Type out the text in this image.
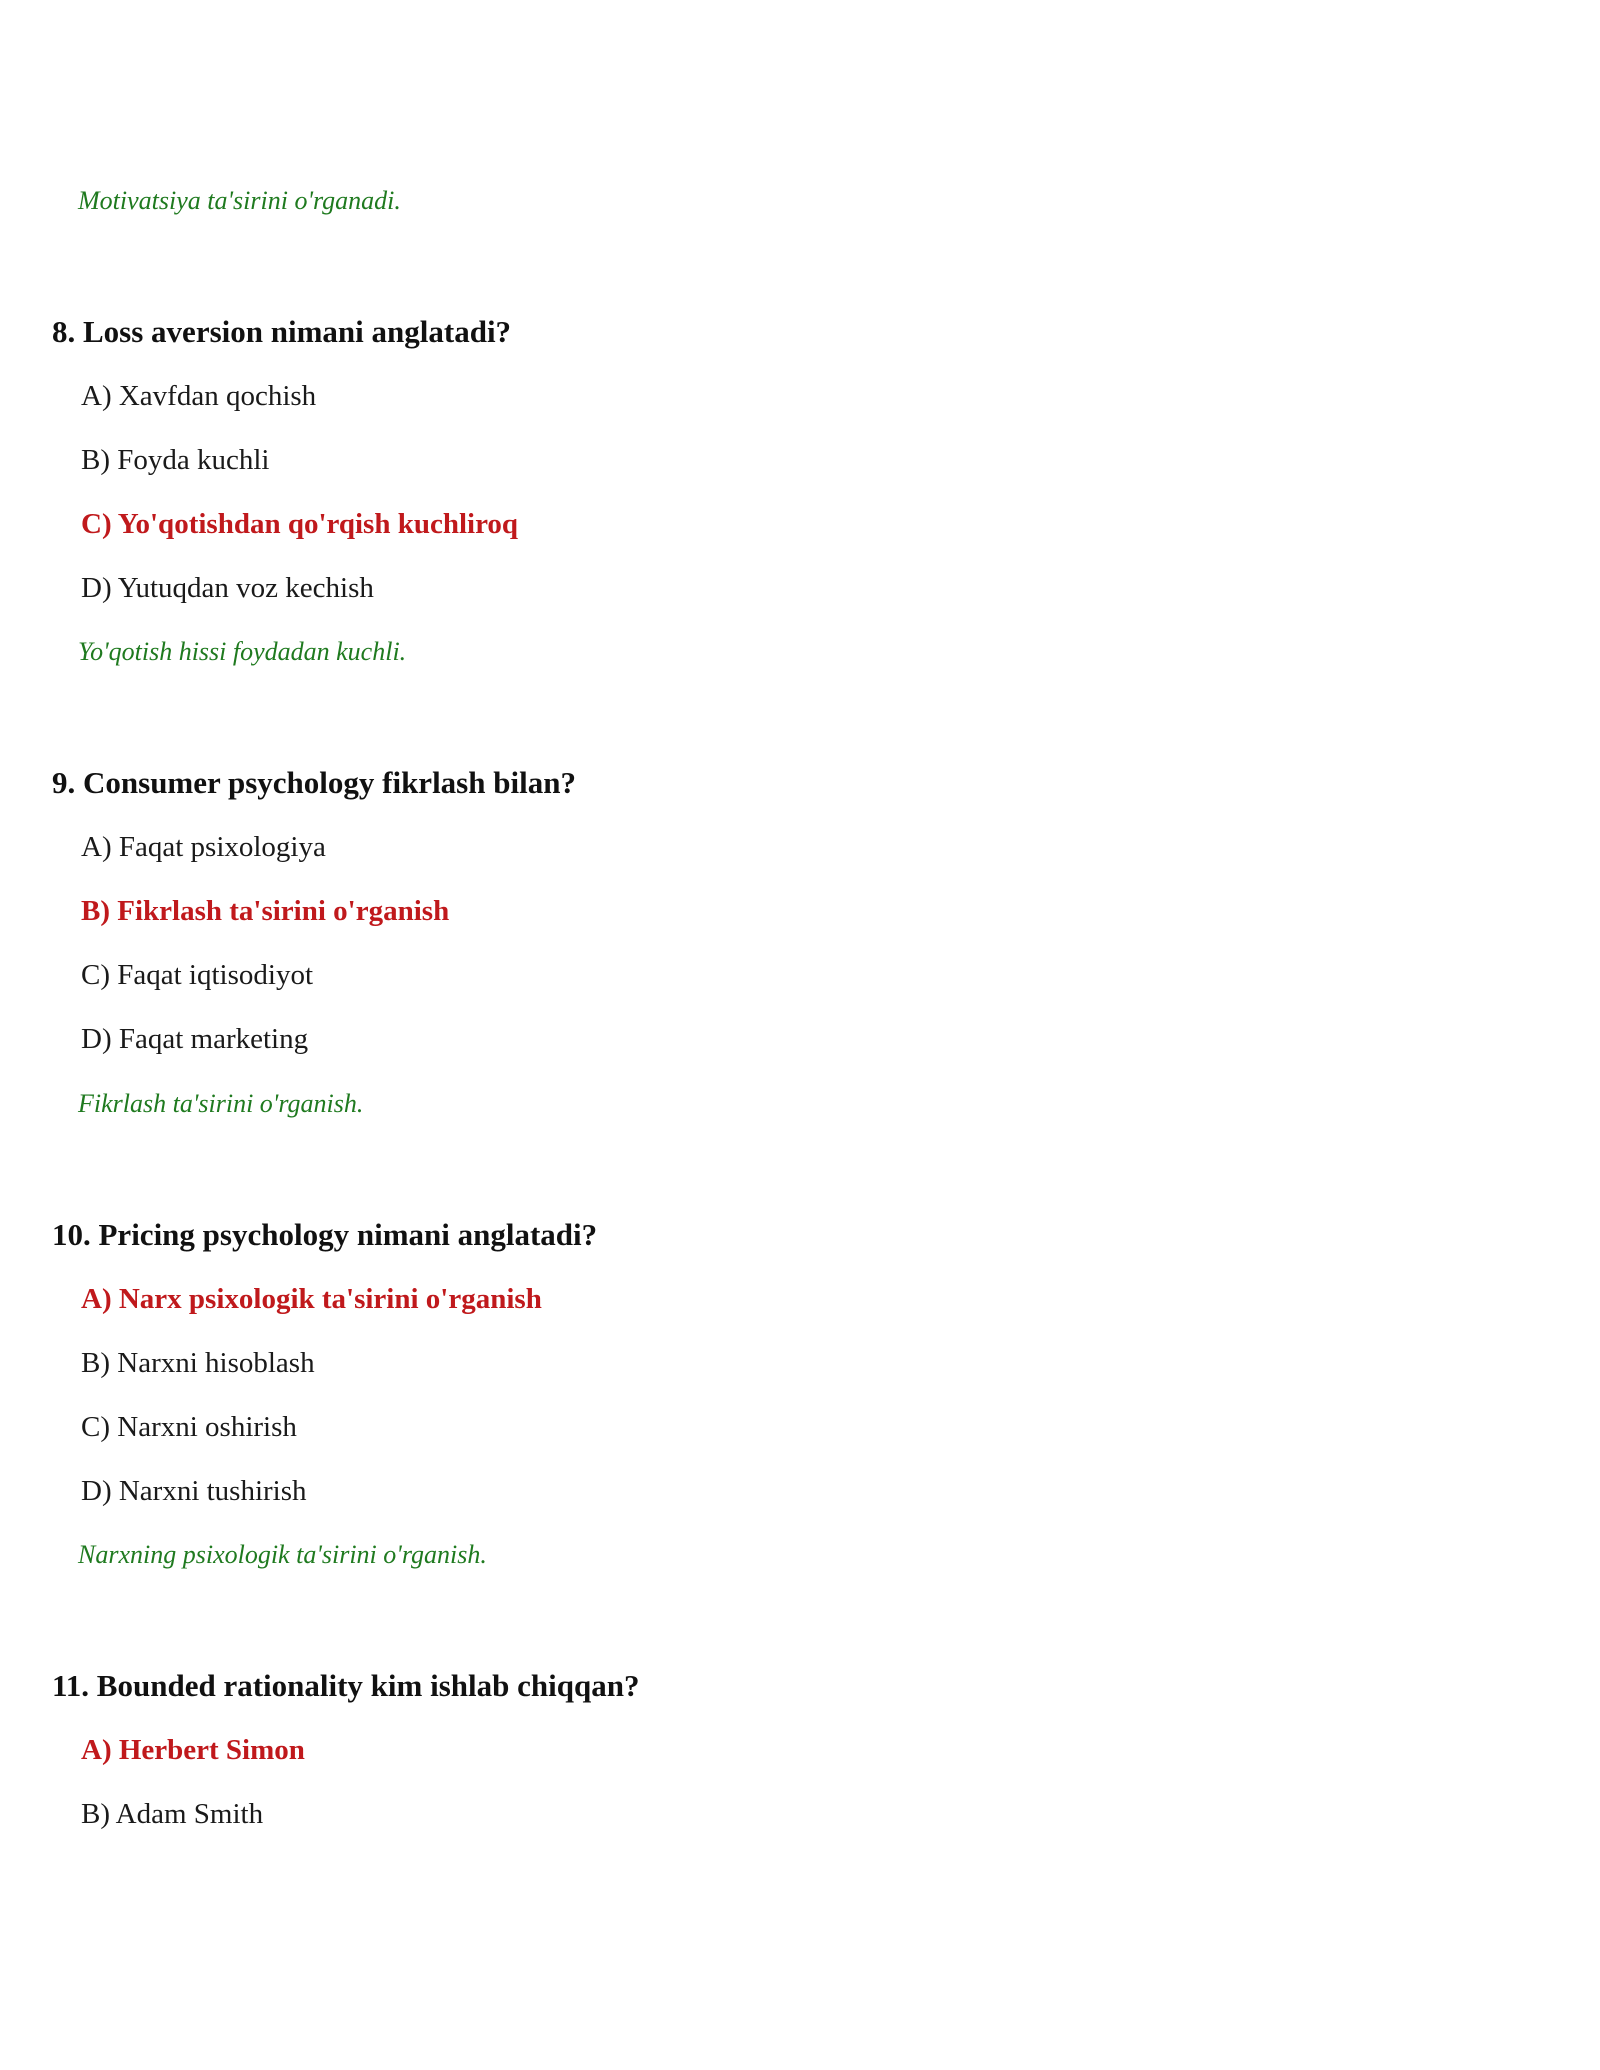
Motivatsiya ta'sirini o'rganadi.
8. Loss aversion nimani anglatadi?
A) Xavfdan qochish
B) Foyda kuchli
C) Yo'qotishdan qo'rqish kuchliroq
D) Yutuqdan voz kechish
Yo'qotish hissi foydadan kuchli.
9. Consumer psychology fikrlash bilan?
A) Faqat psixologiya
B) Fikrlash ta'sirini o'rganish
C) Faqat iqtisodiyot
D) Faqat marketing
Fikrlash ta'sirini o'rganish.
10. Pricing psychology nimani anglatadi?
A) Narx psixologik ta'sirini o'rganish
B) Narxni hisoblash
C) Narxni oshirish
D) Narxni tushirish
Narxning psixologik ta'sirini o'rganish.
11. Bounded rationality kim ishlab chiqqan?
A) Herbert Simon
B) Adam Smith
